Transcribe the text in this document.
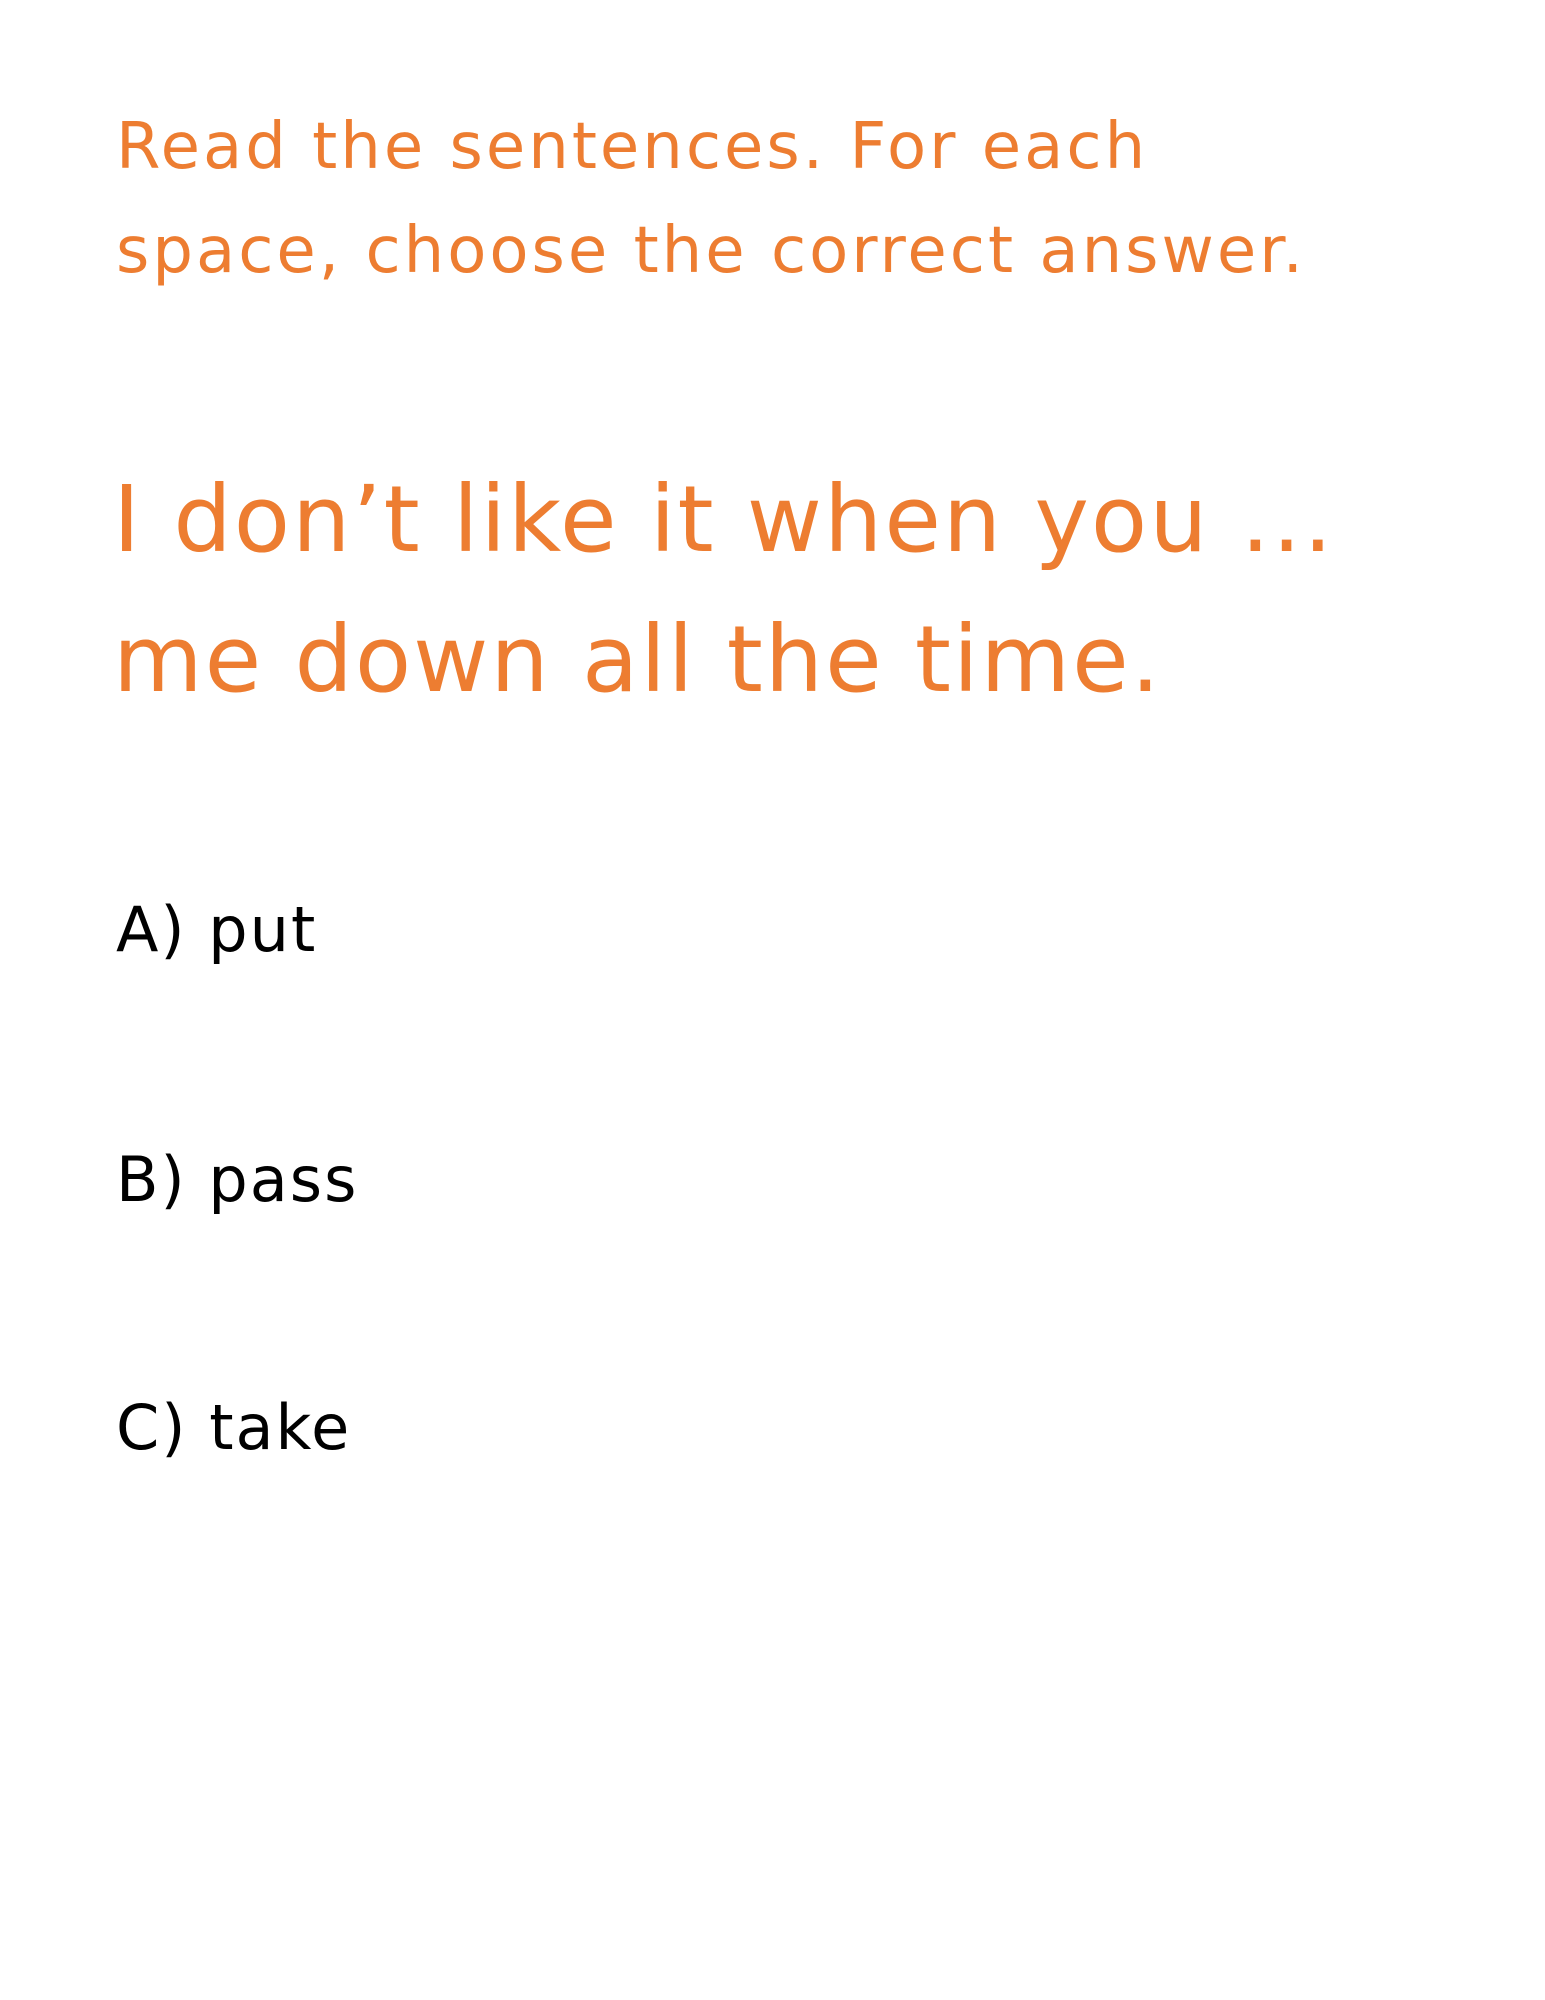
Read the sentences. For each
space, choose the correct answer.
I don’t like it when you ...
me down all the time.
A) put
B) pass
C) take
